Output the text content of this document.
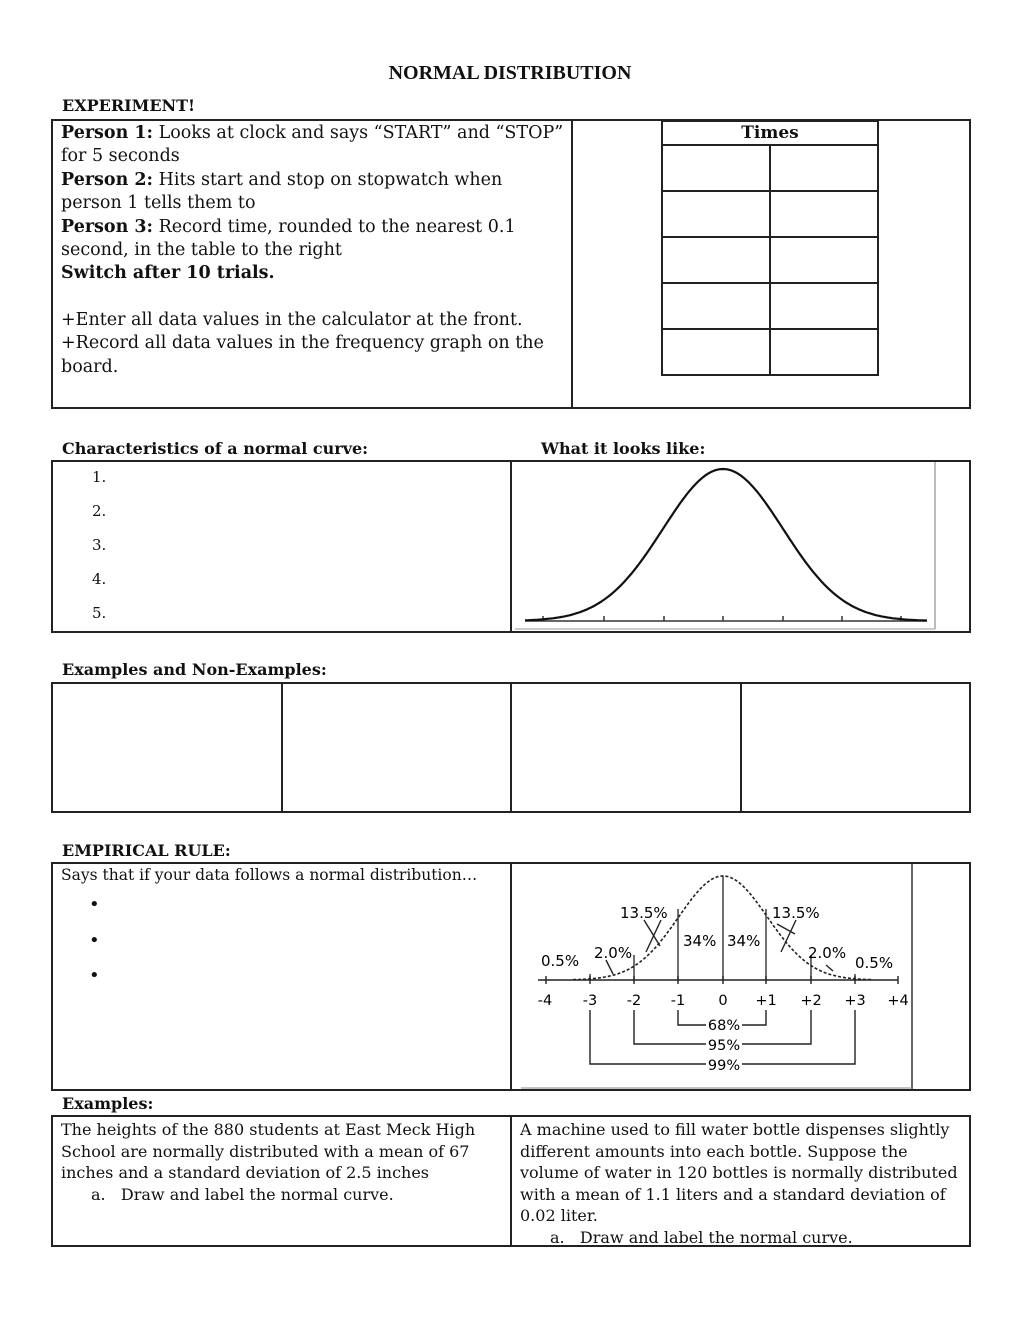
NORMAL DISTRIBUTION
EXPERIMENT!

Person 1: Looks at clock and says “START” and “STOP” for 5 seconds

Person 2: Hits start and stop on stopwatch when person 1 tells them to

Person 3: Record time, rounded to the nearest 0.1 second, in the table to the right

Switch after 10 trials.

+Enter all data values in the calculator at the front.

+Record all data values in the frequency graph on the board.

Times	

Characteristics of a normal curve:	What it looks like:
1.
2.
3.
4.
5.
Examples and Non-Examples:
EMPIRICAL RULE:
Says that if your data follows a normal distribution…
•
•
•
13.5%	13.5%
34% 34%
2.0%	2.0%
0.5%	0.5%
-4 -3 -2 -1 0 +1 +2 +3 +4
68%
95%
99%
Examples:

The heights of the 880 students at East Meck High School are normally distributed with a mean of 67 inches and a standard deviation of 2.5 inches

a. Draw and label the normal curve.

A machine used to fill water bottle dispenses slightly different amounts into each bottle. Suppose the volume of water in 120 bottles is normally distributed with a mean of 1.1 liters and a standard deviation of 0.02 liter.

a. Draw and label the normal curve.
